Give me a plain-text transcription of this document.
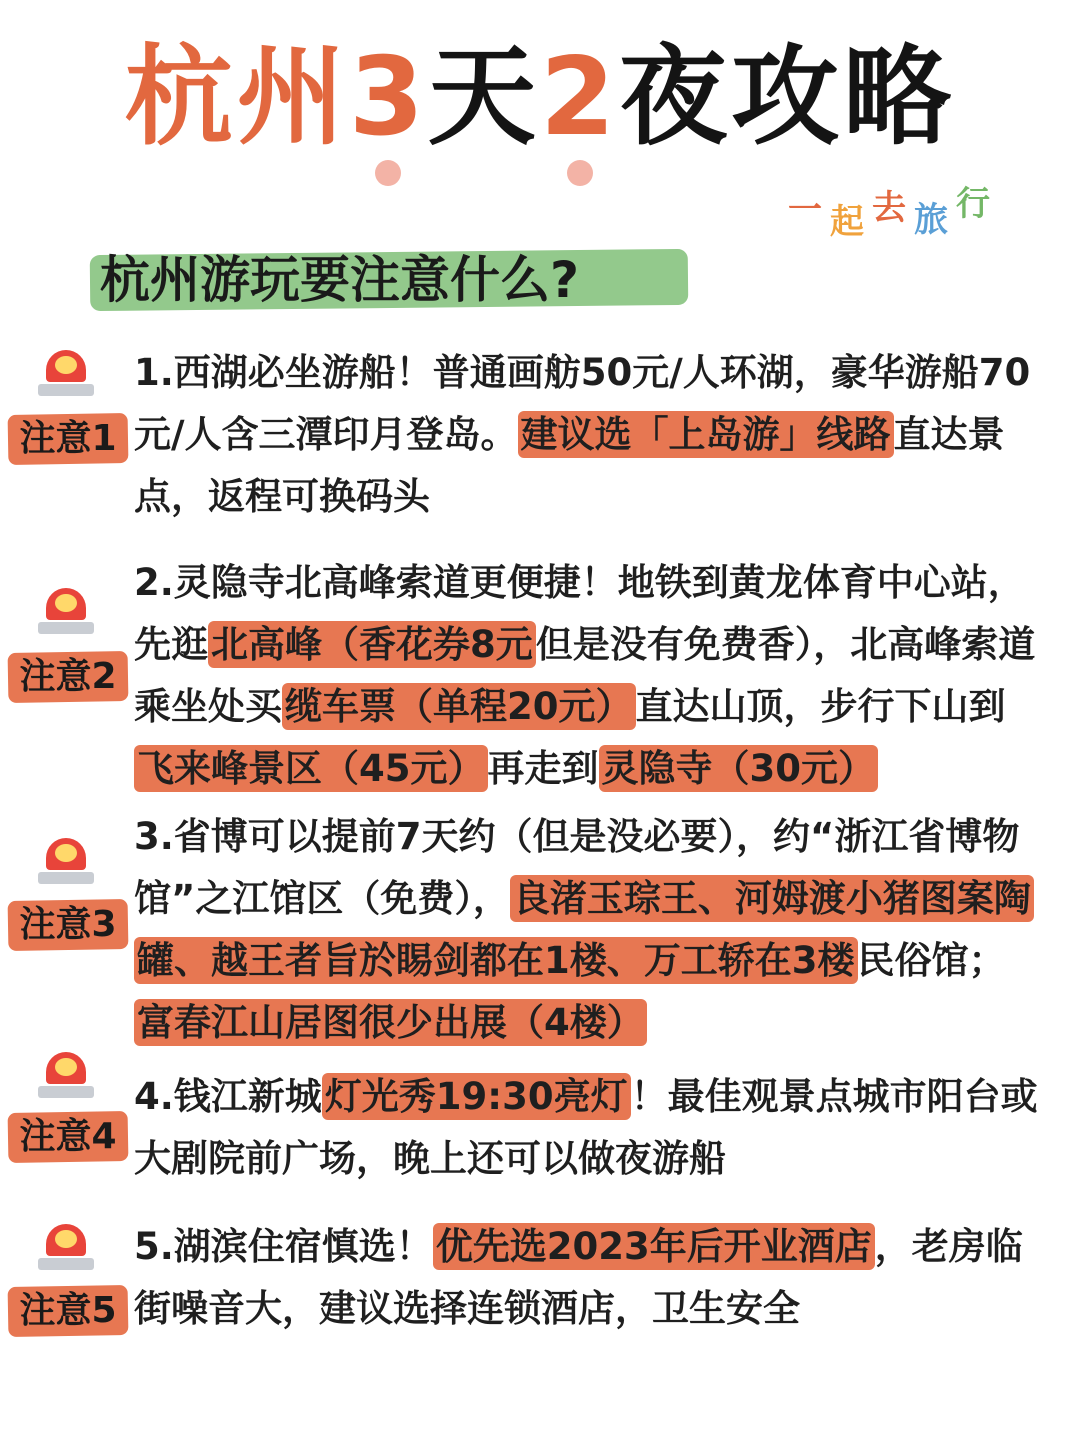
杭州3
天2
夜攻略
一 起 去 旅 行
杭州游玩要注意什么?
注意1
1.西湖必坐游船！普通画舫50元/人环湖，豪华游船70元/人含三潭印月登岛。建议选「上岛游」线路直达景点，返程可换码头
注意2
2.灵隐寺北高峰索道更便捷！地铁到黄龙体育中心站，先逛北高峰（香花券8元但是没有免费香），北高峰索道乘坐处买缆车票（单程20元）直达山顶，步行下山到飞来峰景区（45元）再走到灵隐寺（30元）
注意3
3.省博可以提前7天约（但是没必要），约“浙江省博物馆”之江馆区（免费），良渚玉琮王、河姆渡小猪图案陶罐、越王者旨於睗剑都在1楼、万工轿在3楼民俗馆；富春江山居图很少出展（4楼）
注意4
4.钱江新城灯光秀19:30亮灯！最佳观景点城市阳台或大剧院前广场，晚上还可以做夜游船
注意5
5.湖滨住宿慎选！优先选2023年后开业酒店，老房临街噪音大，建议选择连锁酒店，卫生安全
